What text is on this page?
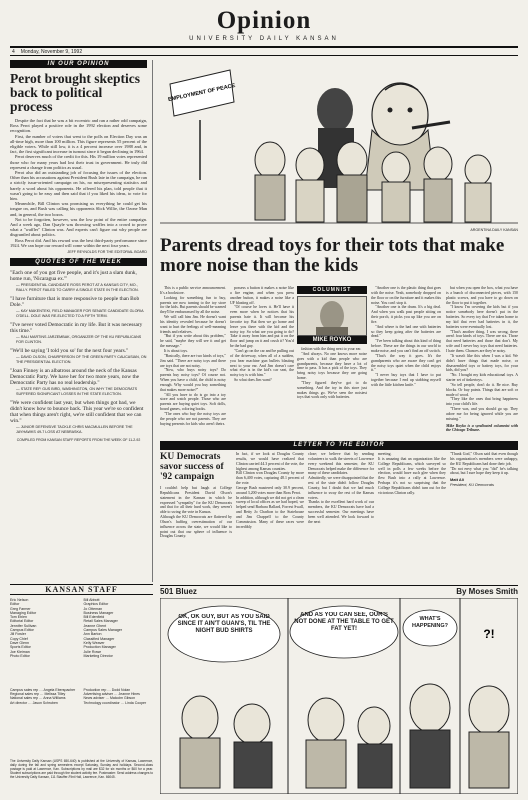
Opinion
UNIVERSITY DAILY KANSAN
4 Monday, November 9, 1992
IN OUR OPINION
Perot brought skeptics back to political process

Despite the fact that he was a bit eccentric and ran a rather odd campaign, Ross Perot played a positive role in the 1992 election and deserves some recognition.

First, the number of voters that went to the polls on Election Day was an all-time high, more than 100 million. This figure represents 55 percent of the eligible voters. While still low, it is a 4 percent increase over 1988 and, in fact, the first significant increase in turnout since it began declining in 1964.

Perot deserves much of the credit for this. His 19 million votes represented those who for many years had lost their trust in government. He truly did represent a change from politics as usual.

Perot also did an outstanding job of focusing the issues of the election. Other than his accusations against President Bush late in the campaign, he ran a strictly issue-oriented campaign on his, no misrepresenting statistics and barely a word about his opponents. He offered his plan, told people that it wasn't going to be easy and then said that if you liked his ideas, to vote for him.

Meanwhile, Bill Clinton was promising us everything he could get his tongue on, and Bush was calling his opponents Slick Willie, the Ozone Man and, in general, the two bozos.

Not to be forgotten, however, was the low point of the entire campaign. And a week ago, Dan Quayle was throwing waffles into a crowd to prove what a "waffler" Clinton was. And experts can't figure out why people are disgruntled about politics.

Ross Perot did. And his reward was the best third-party performance since 1924. We can hope our reward will come within the next four years.

JEFF REYNOLDS FOR THE EDITORIAL BOARD
QUOTES OF THE WEEK
"Each one of you got five people, and it's just a slam dunk, home run, 'Nicaragua ex.'"
— PRESIDENTIAL CANDIDATE ROSS PEROT AT A KANSAS CITY, MO., RALLY. PEROT FAILED TO CARRY A SINGLE STATE IN THE ELECTION.
"I have furniture that is more responsive to people than Bob Dole."
— KAY MAKENTEKI, FIELD MANAGER FOR SENATE CANDIDATE GLORIA O'DELL. DOLE WAS RE-ELECTED TO A FIFTH TERM.
"I've never voted Democratic in my life. But it was necessary this time."
— RALI MARTINS JARZEMBAK, ORGANIZER OF THE KU REPUBLICANS FOR CLINTON.
"We'll be saying 'I told you so' for the next four years."
— DAVID OLSON, CHAIRPERSON OF THE GREEN PARTY CAUCASIAN, ON THE PRESIDENTIAL ELECTION.
"Joan Finney is an albatross around the neck of the Kansas Democratic Party. We have her for two more years, now the Democratic Party has no real leadership."
— STATE REP. GUS BIRD, WASHINGTON, ON WHY THE DEMOCRATS SUFFERED SIGNIFICANT LOSSES IN THE STATE ELECTION.
"We were confident last year, but when things got bad, we didn't know how to bounce back. This year we're so confident that when things aren't right, we're still confident that we can win."
— JUNIOR DEFENSIVE TACKLE CHRIS MACMULLEN BEFORE THE JAYHAWKS 49-7 LOSS AT NEBRASKA.
COMPILED FROM KANSAN STAFF REPORTS FROM THE WEEK OF 11-2-92
EMPLOYMENT OF PEACE
ARGENTINA DAILY KANSAN
Parents dread toys for their tots that make more noise than the kids

This is a public service announcement. It's a bookstore.

Looking for something fun to buy, parents are now turning to the toy store for the kids. But parents should be warned they'll be embarrassed by all the noise.

We will call him Jim. He doesn't want his identity revealed because he doesn't want to hurt the feelings of well-meaning friends and relatives.

"But if you write about this problem," he said, "maybe they will see it and get the message."

It is about toys.

"Basically, there are two kinds of toys," Jim said. "There are noisy toys and there are toys that are not noisy.

"Now, who buys noisy toys? Do parents buy noisy toys? Of course not. When you have a child, the child is noisy enough. Why would you buy something that makes more noise?"

"All you have to do is go into a toy store and watch people. Those who are parents are buying quiet toys. Soft dolls, board games, coloring books.

"The ones who buy the noisy toys are the people who are not parents. They are buying presents for kids who aren't theirs.

possess a button it makes a noise like a fire engine, and when you press another button, it makes a noise like a UF blasting off.

"Of course he loves it. He'll have it even more when he notices that his parents hate it. It will become his favorite toy. But then we go home and leave you there with the kid and the noisy toy. So what are you going to do? Take it away from him and put it on the floor and jump on it and crush it? You'd be the bad guy.

"Can't go on the car and be pulling out of the driveway, when all of a sudden, you hear machine gun bullets blasting next to your ear. And Jim doesn't care what else is in the kid's car seat, the noisy toy is with him."

So what does Jim want?

COLUMNIST
MIKE ROYKO

fashion with the thing next to your ear.

"And always. No one knows more noise goes with a kid than people who are grandparents, because they have a lot of time to pass. It has a pick of the toys. They bring noisy toys because they are going home.

"They figured they've got to do something. And the toy in this store just makes things go. We've seen the noisiest toys that work only with batteries.

"Another one is the plastic thing that goes with the noise. Yeah, somebody dropped on the floor or on the furniture and it makes this noise. You can't stop it.

"Another one is the drum. It's a big deal. And when you walk past people sitting on their porch, it picks you up like you are on fire.

"And where is the bad one with batteries so they keep going after the batteries are dead."

"I've been talking about this kind of thing before. These are the things in our world to make noise, and you can't find an off switch.

"That's the way it goes. It's the grandparents who are aware they can't get the noisy toys quiet when the child enjoys it."

"I never buy toys that I have to put together because I end up stabbing myself with the little kitchen knife."

but when you open the box, what you have is a bunch of disconnected pieces, with 150 plastic screws, and you have to go down on the floor to put it together.

"I know I'm covering the kids but if you notice somebody here doesn't put in the batteries. So every toy that I've taken home to my kid that ever had batteries in it, the batteries were eventually lost.

"That's another thing, I was wrong, there aren't four kinds of toys. There are six. Those that need batteries and those that don't. My wife and I never buy toys that need batteries. I hate them. Chances are they're noisy.

"It wasn't like this when I was a kid. We didn't have things that made noise, or disassembled toys or battery toys, for your kids, did you?

"No. I bought my kids educational toys. A starter set of tinkertoys.

"So tell people, don't do it. Be nice. Buy blocks. Or buy paints. Things that are soft or made of wood.

"They like the ones that bring happiness into your child's life.

"There was, and you should go up. They adore me for being ignored while you are missing."

Mike Royko is a syndicated columnist with the Chicago Tribune.

LETTER TO THE EDITOR
KU Democrats savor success of '92 campaign

I couldn't help but laugh at College Republicans President David Olson's statement in the Kansan in which he expressed "sympathy" for the KU Democrats and that for all their hard work, they weren't able to swing the vote in Kansas.

Although the KU Democrats are flattered by Olson's huffing overestimation of our influence across the state, we would like to point out that our sphere of influence is Douglas County.

In fact, if we look at Douglas County results, we would have realized that Clinton carried 44.3 percent of the vote, the highest among Kansas counties.

Bill Clinton won Douglas County by more than 6,400 votes, capturing 48.1 percent of the vote.

George Bush mustered only 30.9 percent, around 3,200 votes more than Ross Perot.

In addition, although we did not get a clean sweep of local offices as we had hoped, we helped send Barbara Ballard, Forrest Swall, and Betty Jo Charlton to the Statehouse and Jim Chappell to the County Commission. Many of these races were incredibly

close; we believe that by sending volunteers to walk the streets of Lawrence every weekend this semester, the KU Democrats helped make the difference for many of these candidates.

Admittedly, we were disappointed that the rest of the state didn't follow Douglas County, but I doubt that we had much influence to sway the rest of the Kansas voters.

Thanks to the excellent hard work of our members, the KU Democrats have had a successful semester. Our meetings have been well attended. We look forward to the next

meeting.

It is amazing that an organization like the College Republicans, which surveyed so well in polls a few weeks before the election, would have such glee when they flew Bush into a rally at Lawrence. Perhaps it's not so surprising that the College Republicans didn't turn out for the victorious Clinton rally.

"Thank God," Olson said that even though his organization's members were unhappy, the KU Republicans had done their job.

"Do not envy what you "did" he's talking about, but I sure hope they keep it up.

Matt Ali
President, KU Democrats
KANSAN STAFF
Eric Nelson
Editor
Greg Farmer
Managing Editor
Tom Eblen
Editorial Editor
Jennifer Sullivan
Campus Editor
Jill Fowler
Copy Chief
Dave Glenn
Sports Editor
Joe Kleiman
Photo Editor
Bill Abbott
Graphics Editor
Jo Otteman
Business Manager
Bill Edenfield
Retail Sales Manager
Jeanne Ghent
Campus Sales Manager
Ann Barton
Classified Manager
Kelly Weaver
Production Manager
Julie Rowe
Marketing Director
Campus sales rep … Angela Eberspacher
Regional sales rep … Melissa Tilley
National sales rep … Anna Williams
Art director … Jason Schruben
Production rep … Dodd Nolan
Advertising adviser … Jeanne Hines
News adviser … Malcolm Gibson
Technology coordinator … Linda Cooper
The University Daily Kansan (USPS 650-640) is published at the University of Kansas, Lawrence, daily during the fall and spring semesters except Saturday, Sunday and holidays. Second-class postage is paid at Lawrence, Kan. Subscriptions by mail are $32 for six months or $60 for a year. Student subscriptions are paid through the student activity fee. Postmaster: Send address changes to the University Daily Kansan, 111 Stauffer-Flint Hall, Lawrence, Kan. 66045.
501 Bluez	By Moses Smith
OK, OK GUY, BUT AS YOU SAID SINCE IT AIN'T GUAN'S, TIL THE NIGHT BUD SHIRTS
AND AS YOU CAN SEE, OUR'S NOT DONE AT THE TABLE TO GET FAT YET!
WHAT'S HAPPENING?
?!
